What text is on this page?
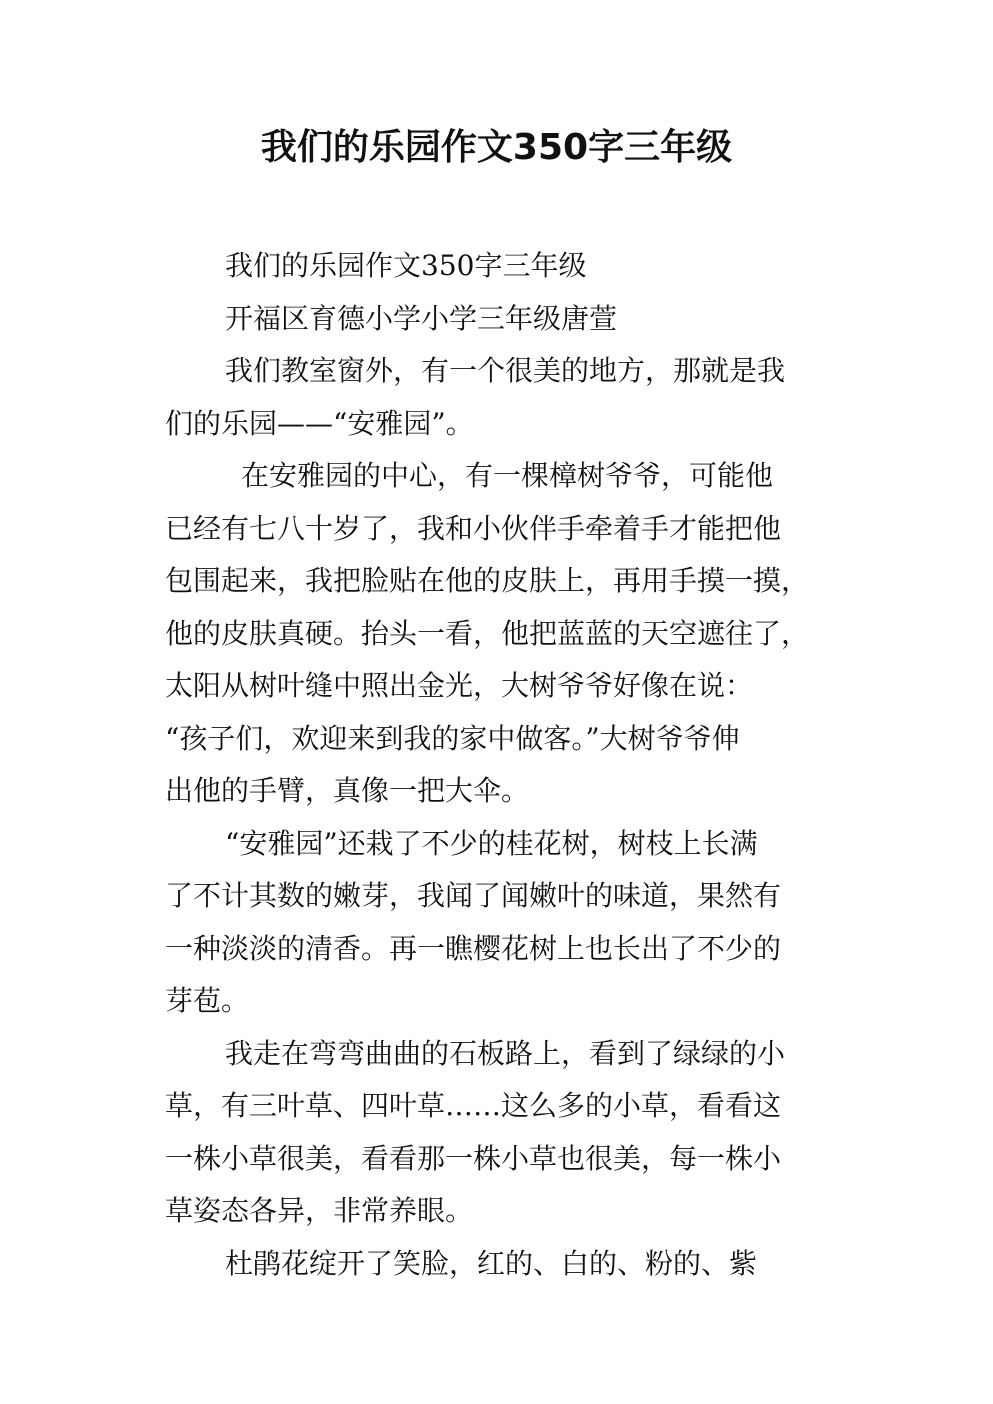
我们的乐园作文350字三年级
我们的乐园作文350字三年级
开福区育德小学小学三年级唐萱
我们教室窗外，有一个很美的地方，那就是我
们的乐园——“安雅园”。
在安雅园的中心，有一棵樟树爷爷，可能他
已经有七八十岁了，我和小伙伴手牵着手才能把他
包围起来，我把脸贴在他的皮肤上，再用手摸一摸，
他的皮肤真硬。抬头一看，他把蓝蓝的天空遮往了，
太阳从树叶缝中照出金光，大树爷爷好像在说：
“孩子们，欢迎来到我的家中做客。”大树爷爷伸
出他的手臂，真像一把大伞。
“安雅园”还栽了不少的桂花树，树枝上长满
了不计其数的嫩芽，我闻了闻嫩叶的味道，果然有
一种淡淡的清香。再一瞧樱花树上也长出了不少的
芽苞。
我走在弯弯曲曲的石板路上，看到了绿绿的小
草，有三叶草、四叶草……这么多的小草，看看这
一株小草很美，看看那一株小草也很美，每一株小
草姿态各异，非常养眼。
杜鹃花绽开了笑脸，红的、白的、粉的、紫
